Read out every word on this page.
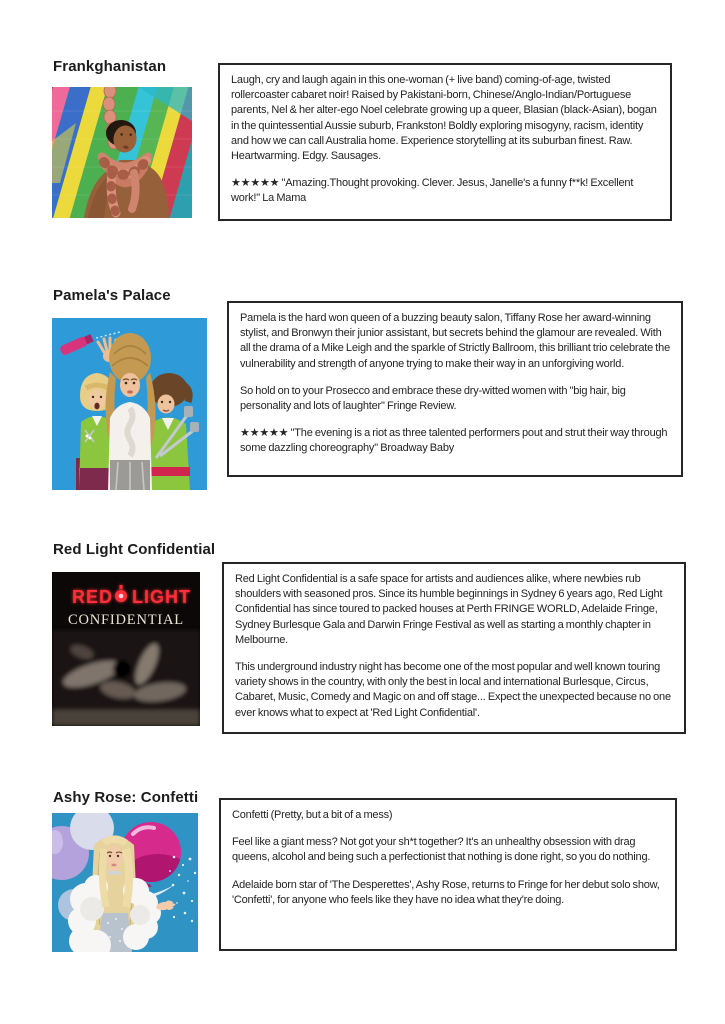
Frankghanistan

Laugh, cry and laugh again in this one-woman (+ live band) coming-of-age, twisted rollercoaster cabaret noir! Raised by Pakistani-born, Chinese/Anglo-Indian/Portuguese parents, Nel & her alter-ego Noel celebrate growing up a queer, Blasian (black-Asian), bogan in the quintessential Aussie suburb, Frankston! Boldly exploring misogyny, racism, identity and how we can call Australia home. Experience storytelling at its suburban finest. Raw. Heartwarming. Edgy. Sausages.

★★★★★ "Amazing.Thought provoking. Clever. Jesus, Janelle's a funny f**k! Excellent work!" La Mama

Pamela's Palace

Pamela is the hard won queen of a buzzing beauty salon, Tiffany Rose her award-winning stylist, and Bronwyn their junior assistant, but secrets behind the glamour are revealed. With all the drama of a Mike Leigh and the sparkle of Strictly Ballroom, this brilliant trio celebrate the vulnerability and strength of anyone trying to make their way in an unforgiving world.

So hold on to your Prosecco and embrace these dry-witted women with "big hair, big personality and lots of laughter" Fringe Review.

★★★★★ "The evening is a riot as three talented performers pout and strut their way through some dazzling choreography" Broadway Baby

Red Light Confidential
RED LIGHT
CONFIDENTIAL

Red Light Confidential is a safe space for artists and audiences alike, where newbies rub shoulders with seasoned pros. Since its humble beginnings in Sydney 6 years ago, Red Light Confidential has since toured to packed houses at Perth FRINGE WORLD, Adelaide Fringe, Sydney Burlesque Gala and Darwin Fringe Festival as well as starting a monthly chapter in Melbourne.

This underground industry night has become one of the most popular and well known touring variety shows in the country, with only the best in local and international Burlesque, Circus, Cabaret, Music, Comedy and Magic on and off stage... Expect the unexpected because no one ever knows what to expect at 'Red Light Confidential'.

Ashy Rose: Confetti

Confetti (Pretty, but a bit of a mess)

Feel like a giant mess? Not got your sh*t together? It's an unhealthy obsession with drag queens, alcohol and being such a perfectionist that nothing is done right, so you do nothing.

Adelaide born star of 'The Desperettes', Ashy Rose, returns to Fringe for her debut solo show, 'Confetti', for anyone who feels like they have no idea what they're doing.
